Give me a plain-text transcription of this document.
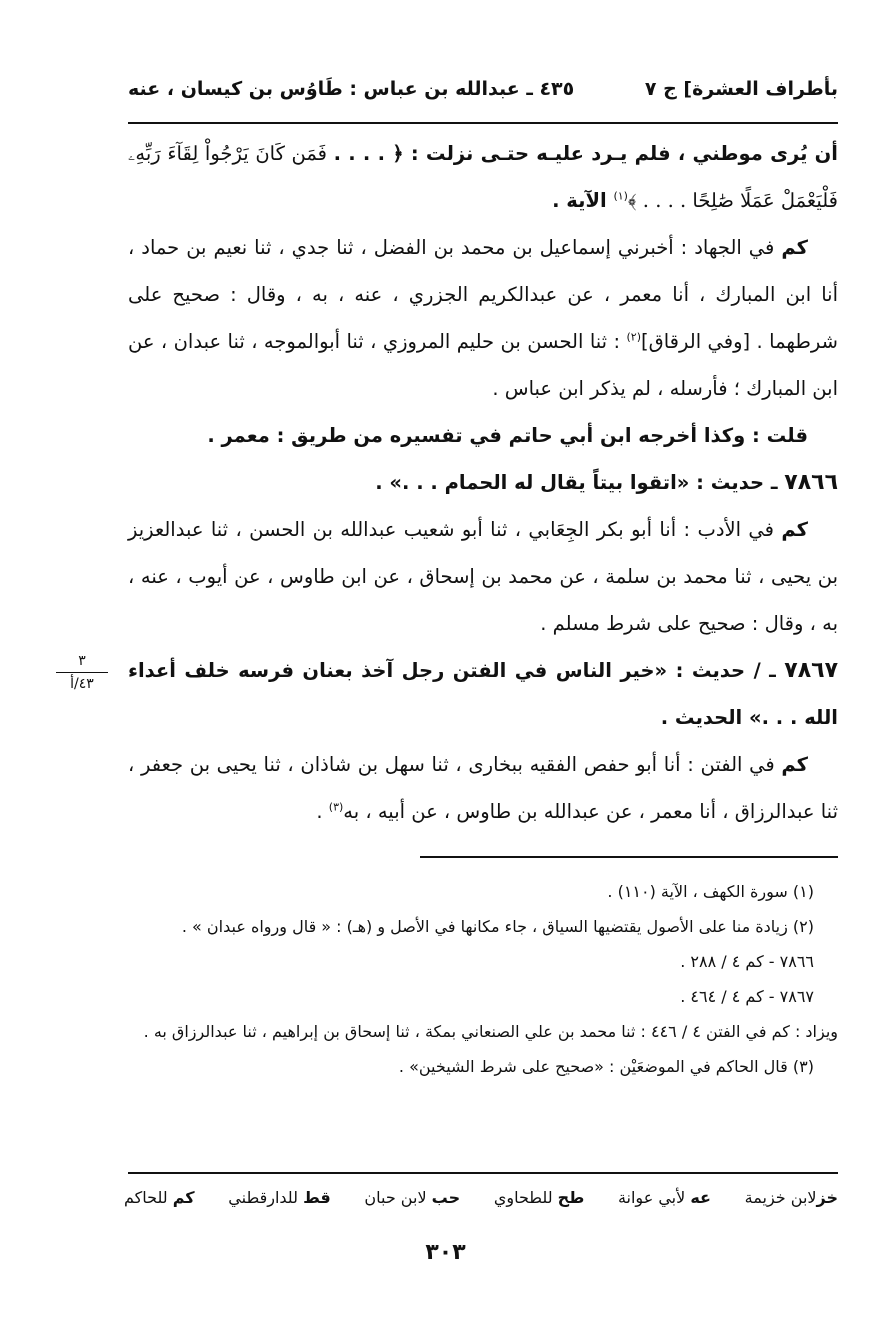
بأطراف العشرة] ج ٧
٤٣٥ ـ عبدالله بن عباس : طَاوُس بن كيسان ، عنه

أن يُرى موطني ، فلم يـرد عليـه حتـى نزلت : ﴿ . . . . فَمَن كَانَ يَرْجُواْ لِقَآءَ رَبِّهِۦ فَلْيَعْمَلْ عَمَلًا صَٰلِحًا . . . . ﴾$^{(١)}$ الآية .

كم في الجهاد : أخبرني إسماعيل بن محمد بن الفضل ، ثنا جدي ، ثنا نعيم بن حماد ، أنا ابن المبارك ، أنا معمر ، عن عبدالكريم الجزري ، عنه ، به ، وقال : صحيح على شرطهما . [وفي الرقاق]$^{(٢)}$ : ثنا الحسن بن حليم المروزي ، ثنا أبوالموجه ، ثنا عبدان ، عن ابن المبارك ؛ فأرسله ، لم يذكر ابن عباس .

قلت : وكذا أخرجه ابن أبي حاتم في تفسيره من طريق : معمر .

٧٨٦٦ ـ حديث : «اتقوا بيتاً يقال له الحمام . . .» .

كم في الأدب : أنا أبو بكر الجِعَابي ، ثنا أبو شعيب عبدالله بن الحسن ، ثنا عبدالعزيز بن يحيى ، ثنا محمد بن سلمة ، عن محمد بن إسحاق ، عن ابن طاوس ، عن أيوب ، عنه ، به ، وقال : صحيح على شرط مسلم .

٧٨٦٧ ـ / حديث : «خير الناس في الفتن رجل آخذ بعنان فرسه خلف أعداء الله . . .» الحديث .

كم في الفتن : أنا أبو حفص الفقيه ببخارى ، ثنا سهل بن شاذان ، ثنا يحيى بن جعفر ، ثنا عبدالرزاق ، أنا معمر ، عن عبدالله بن طاوس ، عن أبيه ، به$^{(٣)}$ .

٣
٤٣/أ

(١) سورة الكهف ، الآية (١١٠) .

(٢) زيادة منا على الأصول يقتضيها السياق ، جاء مكانها في الأصل و (هـ) : « قال ورواه عبدان » .

٧٨٦٦ - كم ٤ / ٢٨٨ .

٧٨٦٧ - كم ٤ / ٤٦٤ .

ويزاد : كم في الفتن ٤ / ٤٤٦ : ثنا محمد بن علي الصنعاني بمكة ، ثنا إسحاق بن إبراهيم ، ثنا عبدالرزاق به .

(٣) قال الحاكم في الموضعَيْن : «صحيح على شرط الشيخين» .

خزلابن خزيمة
عه لأبي عوانة
طح للطحاوي
حب لابن حبان
قط للدارقطني
كم للحاكم
٣٠٣
